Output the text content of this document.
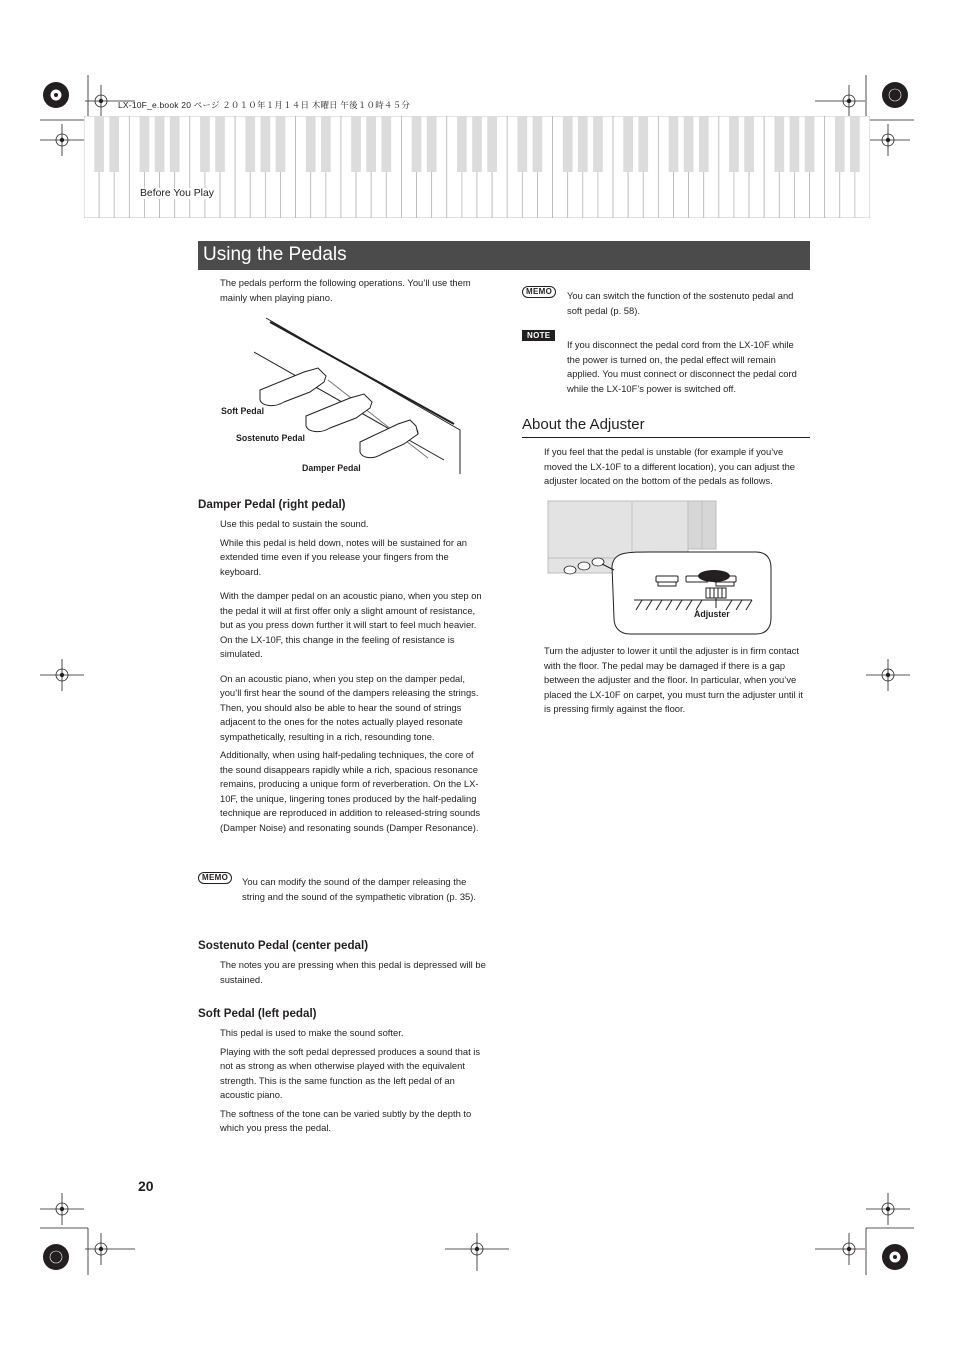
LX-10F_e.book 20 ページ ２０１０年１月１４日 木曜日 午後１０時４５分
Before You Play
Using the Pedals

The pedals perform the following operations. You’ll use them mainly when playing piano.

Soft Pedal
Sostenuto Pedal
Damper Pedal
Damper Pedal (right pedal)

Use this pedal to sustain the sound.

While this pedal is held down, notes will be sustained for an extended time even if you release your fingers from the keyboard.

With the damper pedal on an acoustic piano, when you step on the pedal it will at first offer only a slight amount of resistance, but as you press down further it will start to feel much heavier. On the LX-10F, this change in the feeling of resistance is simulated.

On an acoustic piano, when you step on the damper pedal, you’ll first hear the sound of the dampers releasing the strings. Then, you should also be able to hear the sound of strings adjacent to the ones for the notes actually played resonate sympathetically, resulting in a rich, resounding tone.

Additionally, when using half-pedaling techniques, the core of the sound disappears rapidly while a rich, spacious resonance remains, producing a unique form of reverberation. On the LX-10F, the unique, lingering tones produced by the half-pedaling technique are reproduced in addition to released-string sounds (Damper Noise) and resonating sounds (Damper Resonance).

MEMO	You can modify the sound of the damper releasing the string and the sound of the sympathetic vibration (p. 35).

Sostenuto Pedal (center pedal)

The notes you are pressing when this pedal is depressed will be sustained.

Soft Pedal (left pedal)

This pedal is used to make the sound softer.

Playing with the soft pedal depressed produces a sound that is not as strong as when otherwise played with the equivalent strength. This is the same function as the left pedal of an acoustic piano.

The softness of the tone can be varied subtly by the depth to which you press the pedal.

20
MEMO	You can switch the function of the sostenuto pedal and soft pedal (p. 58).

NOTE

If you disconnect the pedal cord from the LX-10F while the power is turned on, the pedal effect will remain applied. You must connect or disconnect the pedal cord while the LX-10F’s power is switched off.

About the Adjuster

If you feel that the pedal is unstable (for example if you’ve moved the LX-10F to a different location), you can adjust the adjuster located on the bottom of the pedals as follows.

Adjuster

Turn the adjuster to lower it until the adjuster is in firm contact with the floor. The pedal may be damaged if there is a gap between the adjuster and the floor. In particular, when you’ve placed the LX-10F on carpet, you must turn the adjuster until it is pressing firmly against the floor.
